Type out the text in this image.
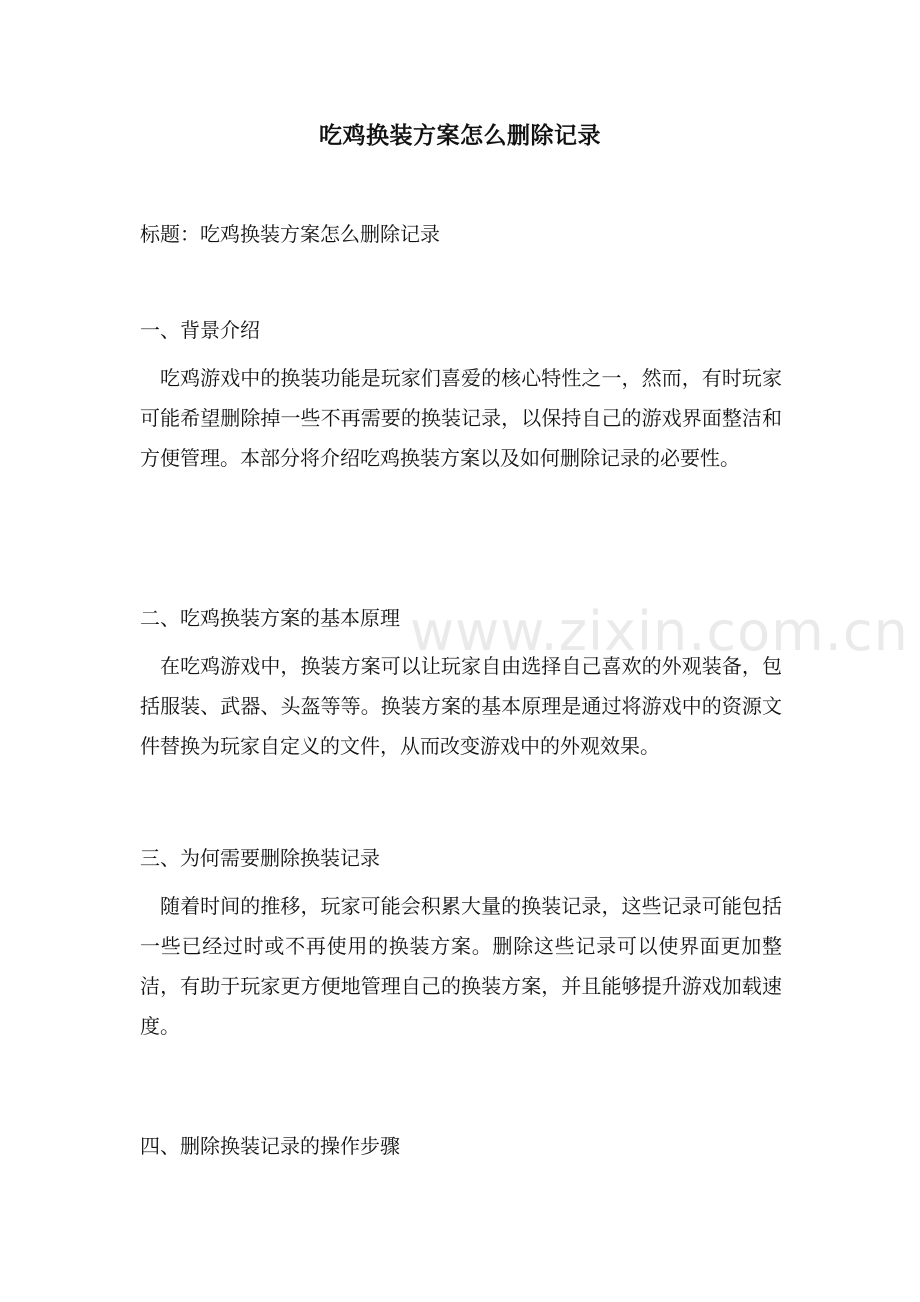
吃鸡换装方案怎么删除记录
标题：吃鸡换装方案怎么删除记录
一、背景介绍
吃鸡游戏中的换装功能是玩家们喜爱的核心特性之一，然而，有时玩家可能希望删除掉一些不再需要的换装记录，以保持自己的游戏界面整洁和方便管理。本部分将介绍吃鸡换装方案以及如何删除记录的必要性。
二、吃鸡换装方案的基本原理
在吃鸡游戏中，换装方案可以让玩家自由选择自己喜欢的外观装备，包括服装、武器、头盔等等。换装方案的基本原理是通过将游戏中的资源文件替换为玩家自定义的文件，从而改变游戏中的外观效果。
三、为何需要删除换装记录
随着时间的推移，玩家可能会积累大量的换装记录，这些记录可能包括一些已经过时或不再使用的换装方案。删除这些记录可以使界面更加整洁，有助于玩家更方便地管理自己的换装方案，并且能够提升游戏加载速度。
四、删除换装记录的操作步骤
www.zixin.com.cn
